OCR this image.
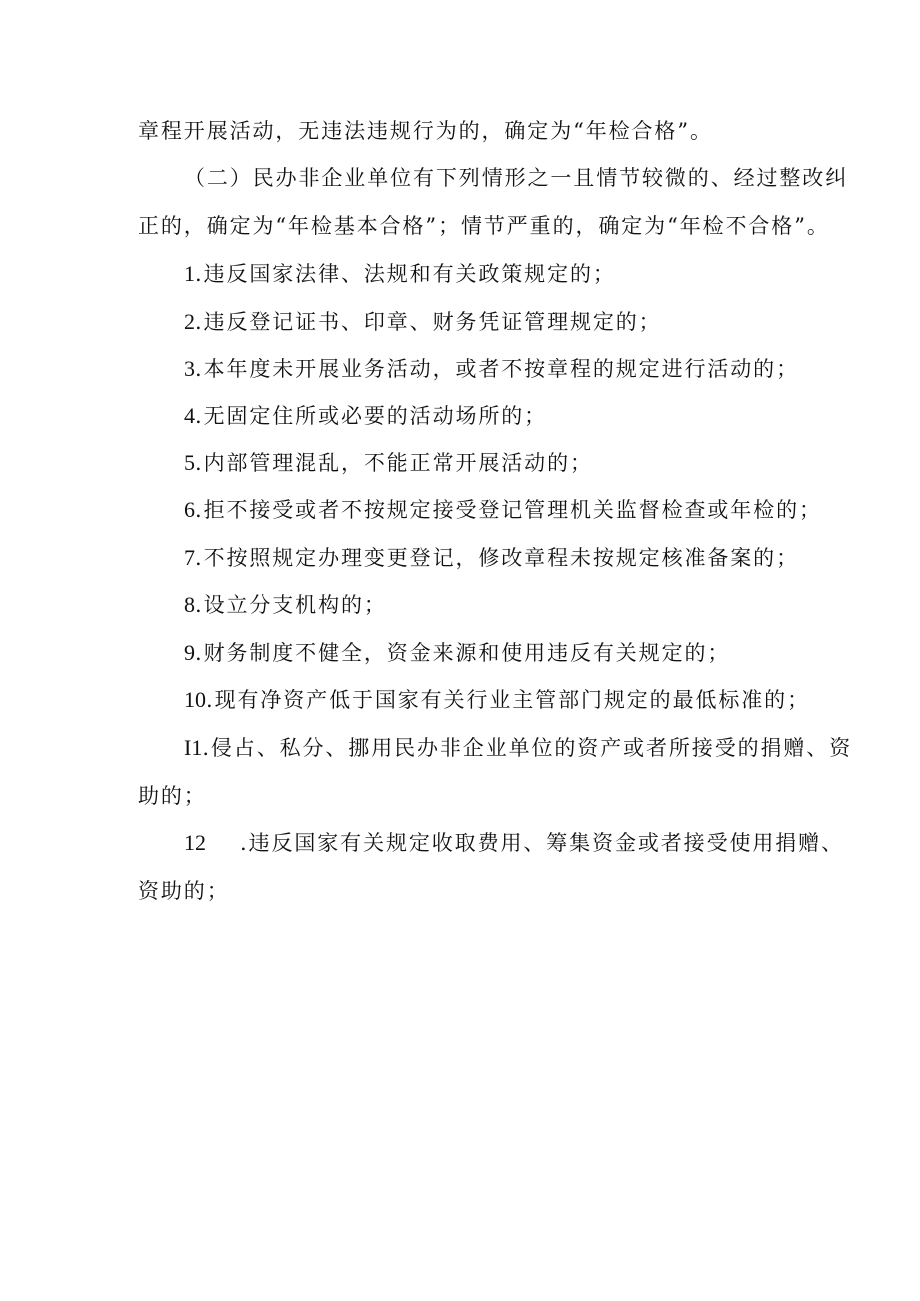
章程开展活动，无违法违规行为的，确定为“年检合格”。
（二）民办非企业单位有下列情形之一且情节较微的、经过整改纠
正的，确定为“年检基本合格”；情节严重的，确定为“年检不合格”。
1.违反国家法律、法规和有关政策规定的；
2.违反登记证书、印章、财务凭证管理规定的；
3.本年度未开展业务活动，或者不按章程的规定进行活动的；
4.无固定住所或必要的活动场所的；
5.内部管理混乱，不能正常开展活动的；
6.拒不接受或者不按规定接受登记管理机关监督检查或年检的；
7.不按照规定办理变更登记，修改章程未按规定核准备案的；
8.设立分支机构的；
9.财务制度不健全，资金来源和使用违反有关规定的；
10.现有净资产低于国家有关行业主管部门规定的最低标准的；
I1.侵占、私分、挪用民办非企业单位的资产或者所接受的捐赠、资
助的；
12 .违反国家有关规定收取费用、筹集资金或者接受使用捐赠、
资助的；
